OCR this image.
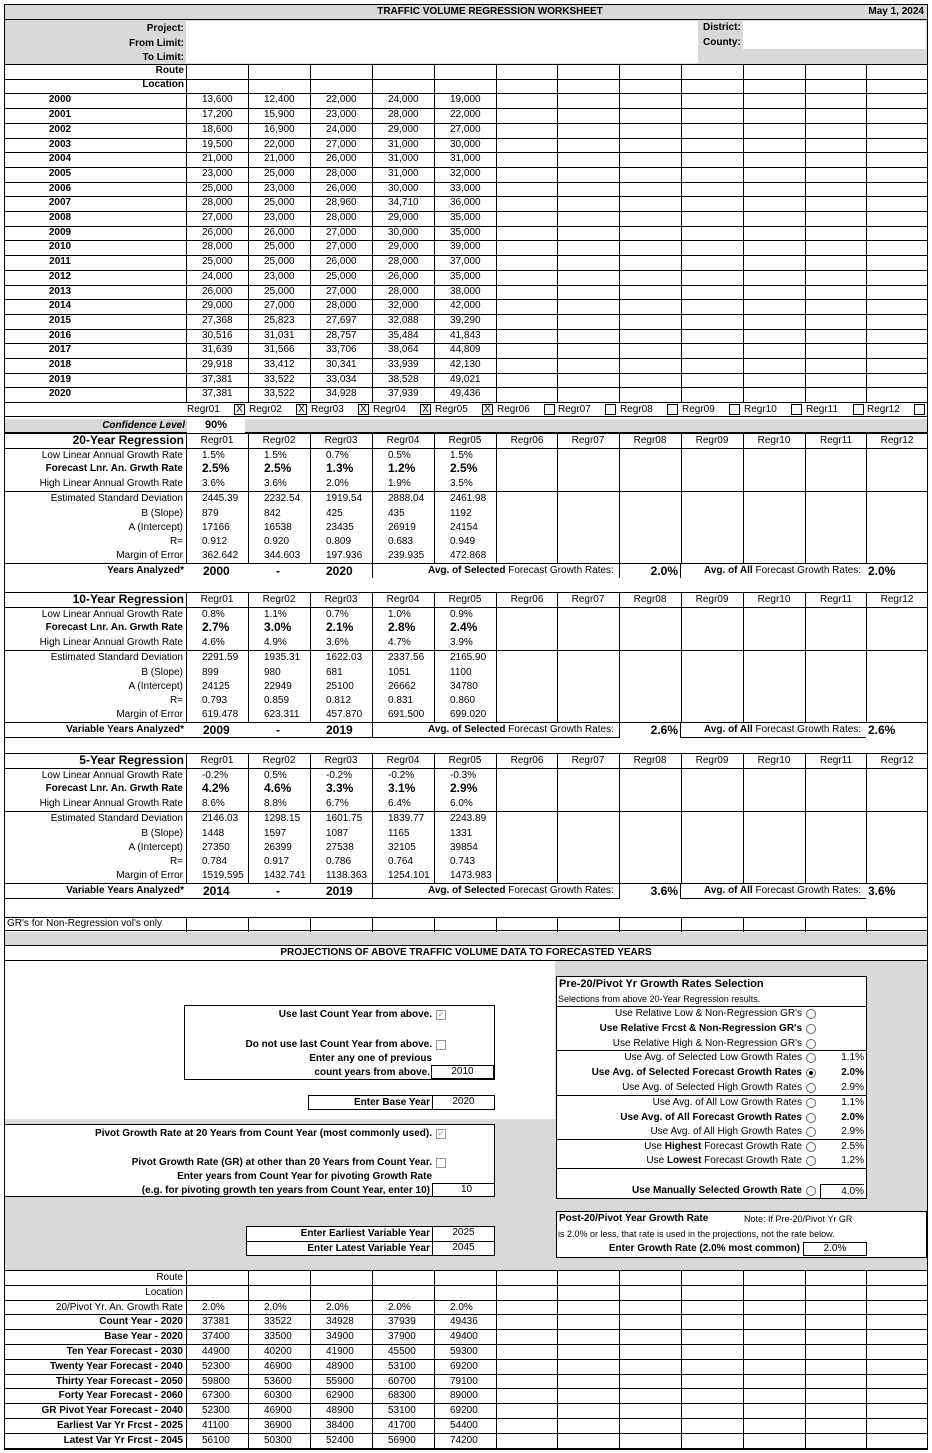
TRAFFIC VOLUME REGRESSION WORKSHEET	May 1, 2024
Project:
From Limit:
To Limit:
District:
County:
Confidence Level	90%
GR's for Non-Regression vol's only
PROJECTIONS OF ABOVE TRAFFIC VOLUME DATA TO FORECASTED YEARS
Use last Count Year from above. ✓
Do not use last Count Year from above.
Enter any one of previous
count years from above.	2010
Enter Base Year	2020
Pivot Growth Rate at 20 Years from Count Year (most commonly used). ✓
Pivot Growth Rate (GR) at other than 20 Years from Count Year.
Enter years from Count Year for pivoting Growth Rate
(e.g. for pivoting growth ten years from Count Year, enter 10)	10
Enter Earliest Variable Year	2025
Enter Latest Variable Year	2045
Pre-20/Pivot Yr Growth Rates Selection
Selections from above 20-Year Regression results.
Use Relative Low & Non-Regression GR's
Use Relative Frcst & Non-Regression GR's
Use Relative High & Non-Regression GR's
Use Avg. of Selected Low Growth Rates	1.1%
Use Avg. of Selected Forecast Growth Rates	2.0%
Use Avg. of Selected High Growth Rates	2.9%
Use Avg. of All Low Growth Rates	1.1%
Use Avg. of All Forecast Growth Rates	2.0%
Use Avg. of All High Growth Rates	2.9%
Use Highest Forecast Growth Rate	2.5%
Use Lowest Forecast Growth Rate	1.2%
Use Manually Selected Growth Rate	4.0%
Post-20/Pivot Year Growth Rate	Note: If Pre-20/Pivot Yr GR
is 2.0% or less, that rate is used in the projections, not the rate below.
Enter Growth Rate (2.0% most common)	2.0%
Route
Location
2000	13,600	12,400	22,000	24,000	19,000
2001	17,200	15,900	23,000	28,000	22,000
2002	18,600	16,900	24,000	29,000	27,000
2003	19,500	22,000	27,000	31,000	30,000
2004	21,000	21,000	26,000	31,000	31,000
2005	23,000	25,000	28,000	31,000	32,000
2006	25,000	23,000	26,000	30,000	33,000
2007	28,000	25,000	28,960	34,710	36,000
2008	27,000	23,000	28,000	29,000	35,000
2009	26,000	26,000	27,000	30,000	35,000
2010	28,000	25,000	27,000	29,000	39,000
2011	25,000	25,000	26,000	28,000	37,000
2012	24,000	23,000	25,000	26,000	35,000
2013	26,000	25,000	27,000	28,000	38,000
2014	29,000	27,000	28,000	32,000	42,000
2015	27,368	25,823	27,697	32,088	39,290
2016	30,516	31,031	28,757	35,484	41,843
2017	31,639	31,566	33,706	38,064	44,809
2018	29,918	33,412	30,341	33,939	42,130
2019	37,381	33,522	33,034	38,528	49,021
2020	37,381	33,522	34,928	37,939	49,436
Regr01 X Regr02 X Regr03 X Regr04 X Regr05 X Regr06	Regr07	Regr08	Regr09	Regr10	Regr11	Regr12
20-Year Regression	Regr01	Regr02	Regr03	Regr04	Regr05	Regr06	Regr07	Regr08	Regr09	Regr10	Regr11	Regr12
Low Linear Annual Growth Rate 1.5%	1.5%	0.7%	0.5%	1.5%
Forecast Lnr. An. Grwth Rate 2.5%	2.5%	1.3%	1.2%	2.5%
High Linear Annual Growth Rate 3.6%	3.6%	2.0%	1.9%	3.5%
Estimated Standard Deviation 2445.39	2232.54	1919.54	2888.04	2461.98
B (Slope) 879	842	425	435	1192
A (Intercept) 17166	16538	23435	26919	24154
R= 0.912	0.920	0.809	0.683	0.949
Margin of Error 362.642	344.603	197.936	239.935	472.868
Years Analyzed* 2000	-	2020	Avg. of Selected Forecast Growth Rates:	2.0%	Avg. of All Forecast Growth Rates: 2.0%
10-Year Regression	Regr01	Regr02	Regr03	Regr04	Regr05	Regr06	Regr07	Regr08	Regr09	Regr10	Regr11	Regr12
Low Linear Annual Growth Rate 0.8%	1.1%	0.7%	1.0%	0.9%
Forecast Lnr. An. Grwth Rate 2.7%	3.0%	2.1%	2.8%	2.4%
High Linear Annual Growth Rate 4.6%	4.9%	3.6%	4.7%	3.9%
Estimated Standard Deviation 2291.59	1935.31	1622.03	2337.56	2165.90
B (Slope) 899	980	681	1051	1100
A (Intercept) 24125	22949	25100	26662	34780
R= 0.793	0.859	0.812	0.831	0.860
Margin of Error 619.478	623.311	457.870	691.500	699.020
Variable Years Analyzed* 2009	-	2019	Avg. of Selected Forecast Growth Rates:	2.6%	Avg. of All Forecast Growth Rates: 2.6%
5-Year Regression	Regr01	Regr02	Regr03	Regr04	Regr05	Regr06	Regr07	Regr08	Regr09	Regr10	Regr11	Regr12
Low Linear Annual Growth Rate -0.2%	0.5%	-0.2%	-0.2%	-0.3%
Forecast Lnr. An. Grwth Rate 4.2%	4.6%	3.3%	3.1%	2.9%
High Linear Annual Growth Rate 8.6%	8.8%	6.7%	6.4%	6.0%
Estimated Standard Deviation 2146.03	1298.15	1601.75	1839.77	2243.89
B (Slope) 1448	1597	1087	1165	1331
A (Intercept) 27350	26399	27538	32105	39854
R= 0.784	0.917	0.786	0.764	0.743
Margin of Error 1519.595 1432.741 1138.363 1254.101 1473.983
Variable Years Analyzed* 2014	-	2019	Avg. of Selected Forecast Growth Rates:	3.6%	Avg. of All Forecast Growth Rates: 3.6%
Route
Location
20/Pivot Yr. An. Growth Rate 2.0%	2.0%	2.0%	2.0%	2.0%
Count Year - 2020 37381	33522	34928	37939	49436
Base Year - 2020 37400	33500	34900	37900	49400
Ten Year Forecast - 2030 44900	40200	41900	45500	59300
Twenty Year Forecast - 2040 52300	46900	48900	53100	69200
Thirty Year Forecast - 2050 59800	53600	55900	60700	79100
Forty Year Forecast - 2060 67300	60300	62900	68300	89000
GR Pivot Year Forecast - 2040 52300	46900	48900	53100	69200
Earliest Var Yr Frcst - 2025 41100	36900	38400	41700	54400
Latest Var Yr Frcst - 2045 56100	50300	52400	56900	74200
